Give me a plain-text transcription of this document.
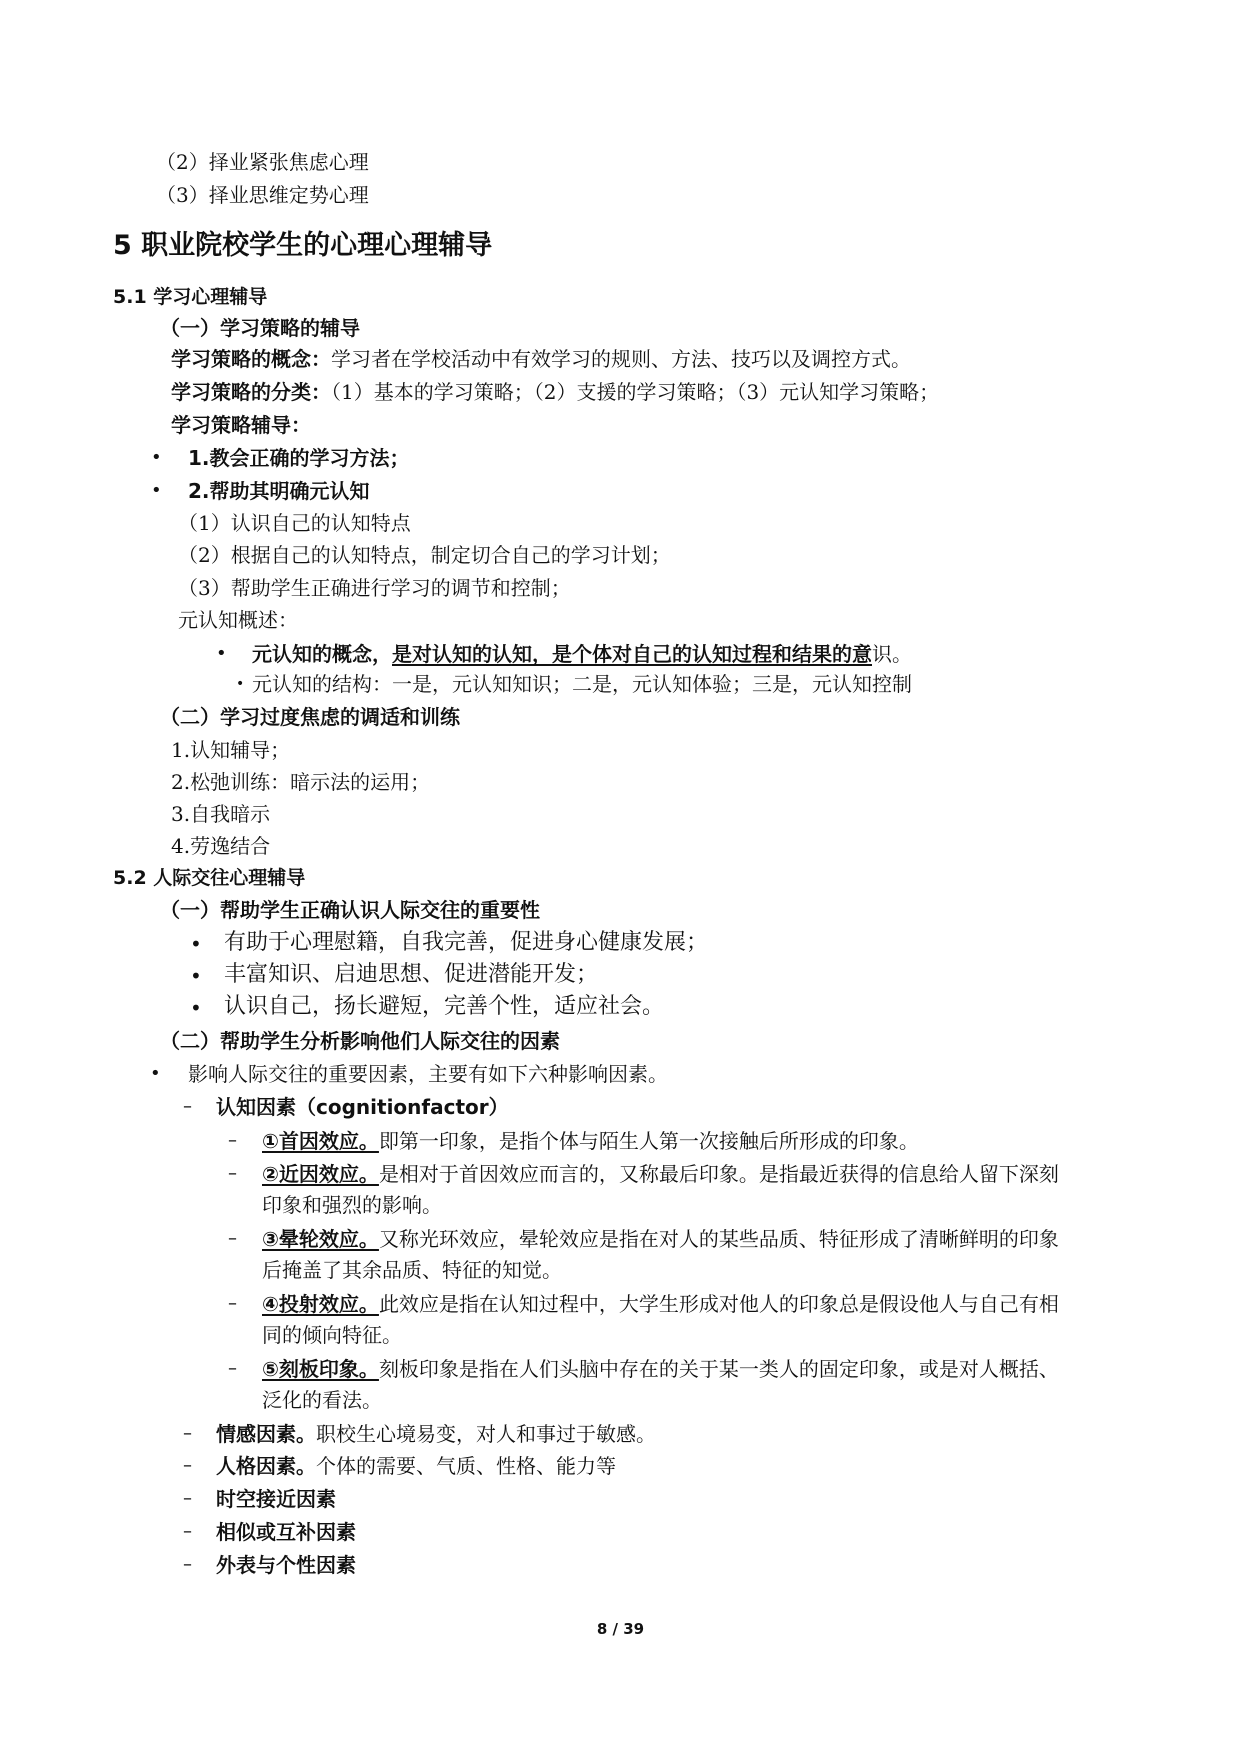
（2）择业紧张焦虑心理
（3）择业思维定势心理
5 职业院校学生的心理心理辅导
5.1 学习心理辅导
（一）学习策略的辅导
学习策略的概念：学习者在学校活动中有效学习的规则、方法、技巧以及调控方式。
学习策略的分类：（1）基本的学习策略；（2）支援的学习策略；（3）元认知学习策略；
学习策略辅导：
• 1.教会正确的学习方法；
• 2.帮助其明确元认知
（1）认识自己的认知特点
（2）根据自己的认知特点，制定切合自己的学习计划；
（3）帮助学生正确进行学习的调节和控制；
元认知概述：
• 元认知的概念，是对认知的认知，是个体对自己的认知过程和结果的意识。
• 元认知的结构：一是，元认知知识；二是，元认知体验；三是，元认知控制
（二）学习过度焦虑的调适和训练
1.认知辅导；
2.松弛训练：暗示法的运用；
3.自我暗示
4.劳逸结合
5.2 人际交往心理辅导
（一）帮助学生正确认识人际交往的重要性
• 有助于心理慰籍，自我完善，促进身心健康发展；
• 丰富知识、启迪思想、促进潜能开发；
• 认识自己，扬长避短，完善个性，适应社会。
（二）帮助学生分析影响他们人际交往的因素
• 影响人际交往的重要因素，主要有如下六种影响因素。
– 认知因素（cognitionfactor）
– ①首因效应。即第一印象，是指个体与陌生人第一次接触后所形成的印象。
– ②近因效应。是相对于首因效应而言的，又称最后印象。是指最近获得的信息给人留下深刻
印象和强烈的影响。
– ③晕轮效应。又称光环效应，晕轮效应是指在对人的某些品质、特征形成了清晰鲜明的印象
后掩盖了其余品质、特征的知觉。
– ④投射效应。此效应是指在认知过程中，大学生形成对他人的印象总是假设他人与自己有相
同的倾向特征。
– ⑤刻板印象。刻板印象是指在人们头脑中存在的关于某一类人的固定印象，或是对人概括、
泛化的看法。
– 情感因素。职校生心境易变，对人和事过于敏感。
– 人格因素。个体的需要、气质、性格、能力等
– 时空接近因素
– 相似或互补因素
– 外表与个性因素
8 / 39
